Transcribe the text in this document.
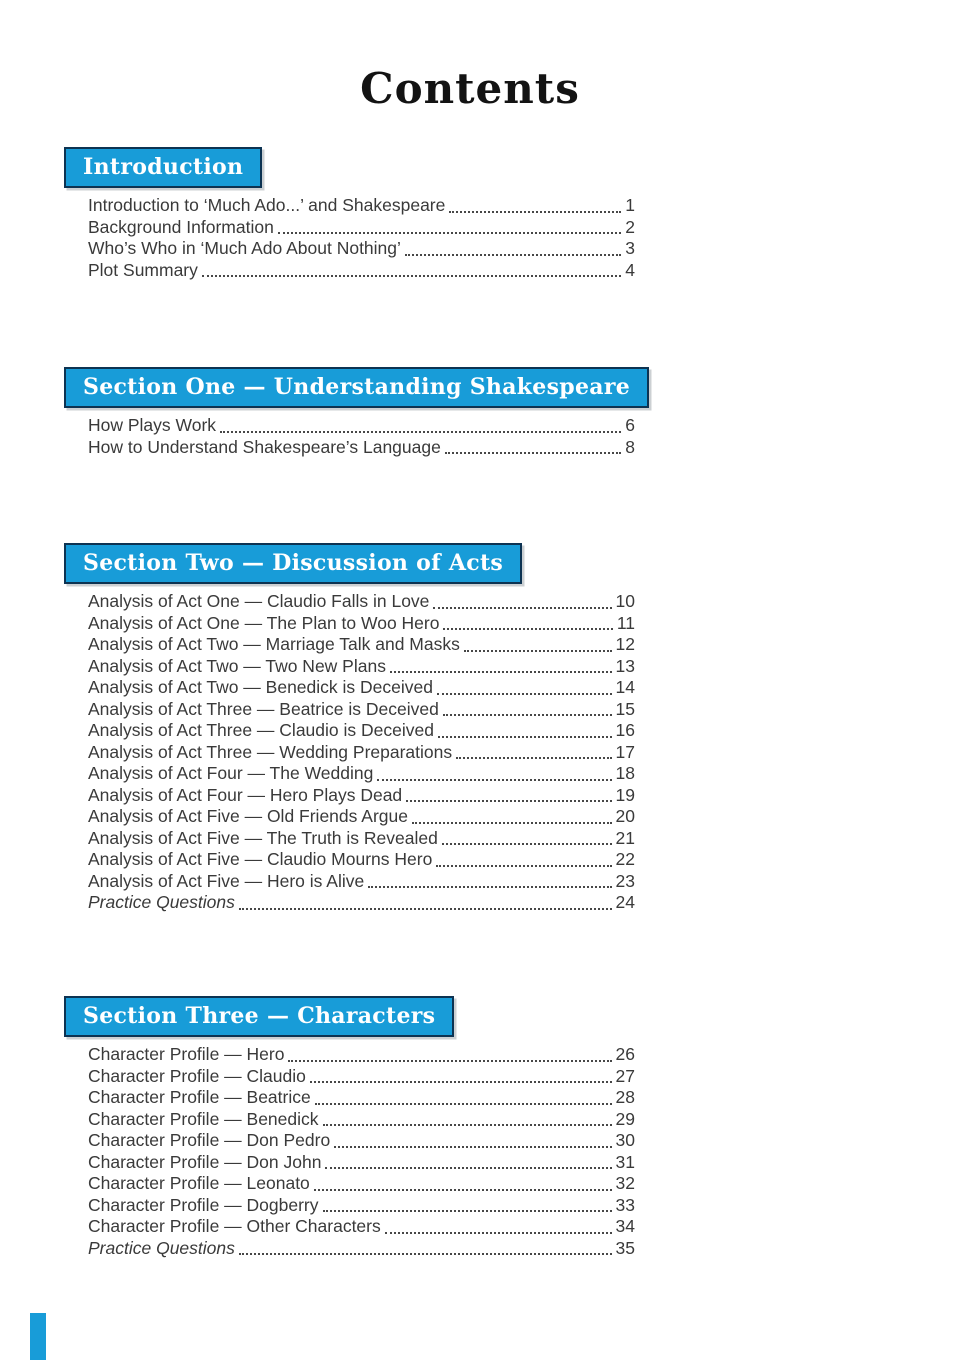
Contents
Introduction
Introduction to ‘Much Ado...’ and Shakespeare	1
Background Information	2
Who’s Who in ‘Much Ado About Nothing’	3
Plot Summary	4
Section One — Understanding Shakespeare
How Plays Work	6
How to Understand Shakespeare’s Language	8
Section Two — Discussion of Acts
Analysis of Act One — Claudio Falls in Love	10
Analysis of Act One — The Plan to Woo Hero	11
Analysis of Act Two — Marriage Talk and Masks	12
Analysis of Act Two — Two New Plans	13
Analysis of Act Two — Benedick is Deceived	14
Analysis of Act Three — Beatrice is Deceived	15
Analysis of Act Three — Claudio is Deceived	16
Analysis of Act Three — Wedding Preparations	17
Analysis of Act Four — The Wedding	18
Analysis of Act Four — Hero Plays Dead	19
Analysis of Act Five — Old Friends Argue	20
Analysis of Act Five — The Truth is Revealed	21
Analysis of Act Five — Claudio Mourns Hero	22
Analysis of Act Five — Hero is Alive	23
Practice Questions	24
Section Three — Characters
Character Profile — Hero	26
Character Profile — Claudio	27
Character Profile — Beatrice	28
Character Profile — Benedick	29
Character Profile — Don Pedro	30
Character Profile — Don John	31
Character Profile — Leonato	32
Character Profile — Dogberry	33
Character Profile — Other Characters	34
Practice Questions	35
